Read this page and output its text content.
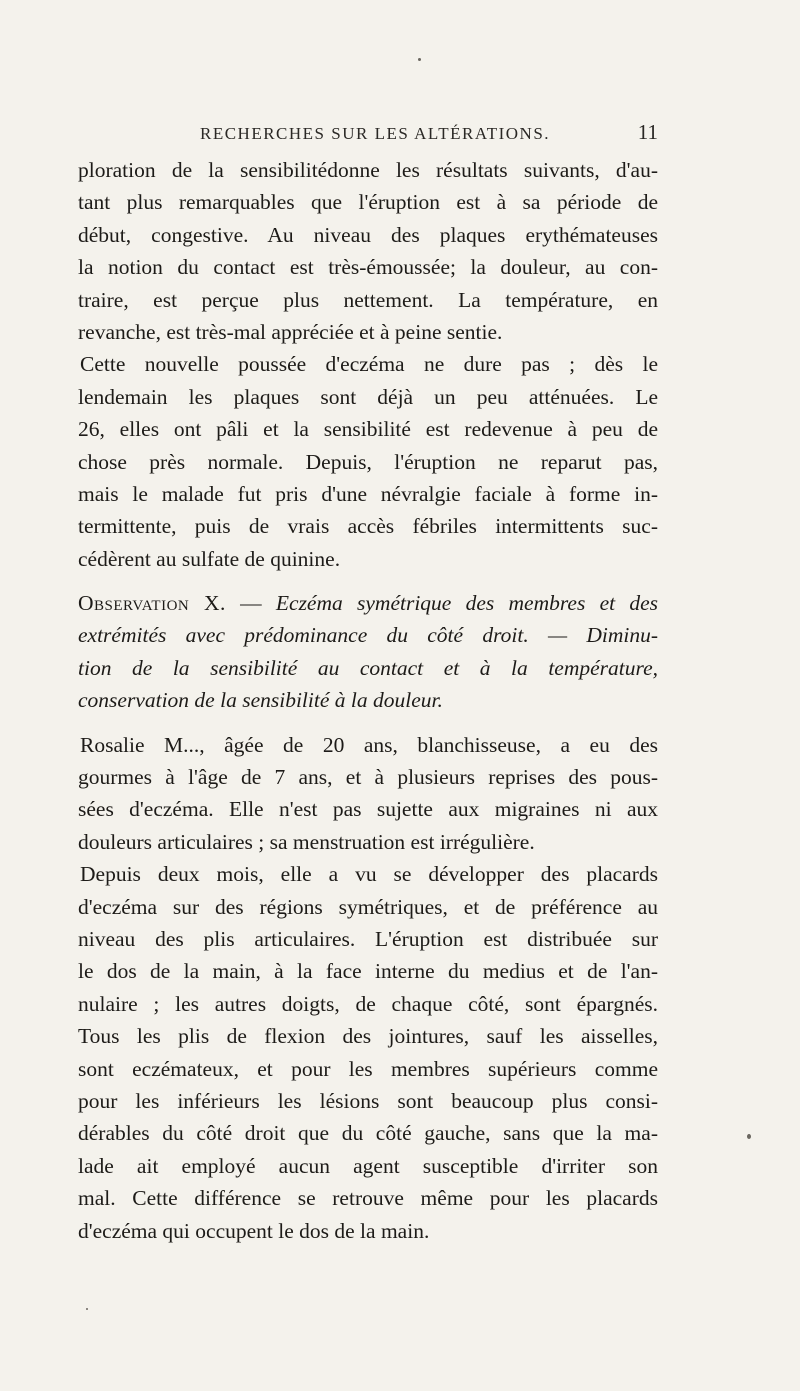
RECHERCHES SUR LES ALTÉRATIONS.	11
ploration de la sensibilitédonne les résultats suivants, d'au-
tant plus remarquables que l'éruption est à sa période de
début, congestive. Au niveau des plaques erythémateuses
la notion du contact est très-émoussée; la douleur, au con-
traire, est perçue plus nettement. La température, en
revanche, est très-mal appréciée et à peine sentie.
Cette nouvelle poussée d'eczéma ne dure pas ; dès le
lendemain les plaques sont déjà un peu atténuées. Le
26, elles ont pâli et la sensibilité est redevenue à peu de
chose près normale. Depuis, l'éruption ne reparut pas,
mais le malade fut pris d'une névralgie faciale à forme in-
termittente, puis de vrais accès fébriles intermittents suc-
cédèrent au sulfate de quinine.
Observation X. — Eczéma symétrique des membres et des
extrémités avec prédominance du côté droit. — Diminu-
tion de la sensibilité au contact et à la température,
conservation de la sensibilité à la douleur.
Rosalie M..., âgée de 20 ans, blanchisseuse, a eu des
gourmes à l'âge de 7 ans, et à plusieurs reprises des pous-
sées d'eczéma. Elle n'est pas sujette aux migraines ni aux
douleurs articulaires ; sa menstruation est irrégulière.
Depuis deux mois, elle a vu se développer des placards
d'eczéma sur des régions symétriques, et de préférence au
niveau des plis articulaires. L'éruption est distribuée sur
le dos de la main, à la face interne du medius et de l'an-
nulaire ; les autres doigts, de chaque côté, sont épargnés.
Tous les plis de flexion des jointures, sauf les aisselles,
sont eczémateux, et pour les membres supérieurs comme
pour les inférieurs les lésions sont beaucoup plus consi-
dérables du côté droit que du côté gauche, sans que la ma-
lade ait employé aucun agent susceptible d'irriter son
mal. Cette différence se retrouve même pour les placards
d'eczéma qui occupent le dos de la main.
